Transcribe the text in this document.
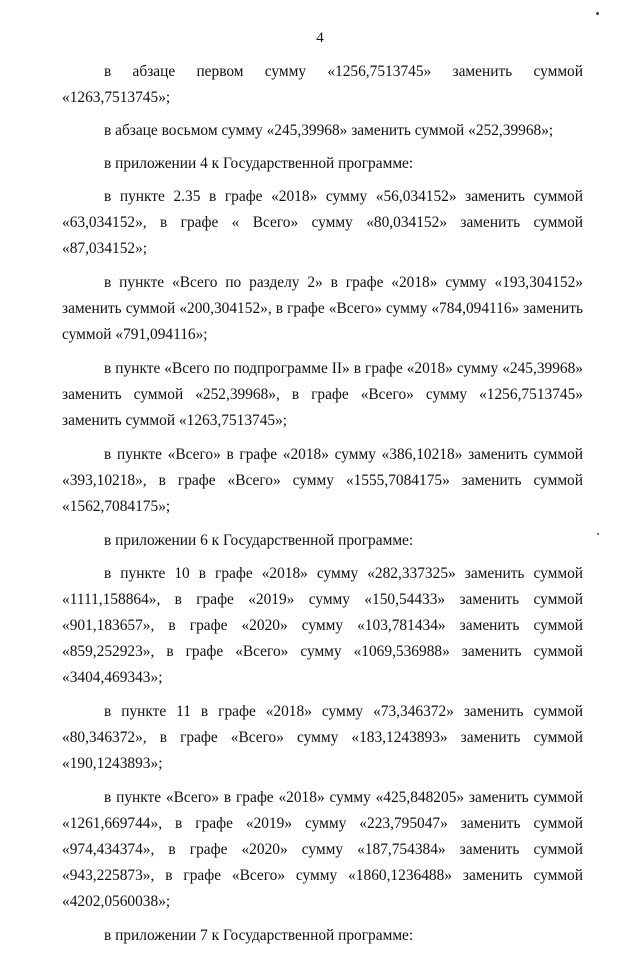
4

в абзаце первом сумму «1256,7513745» заменить суммой «1263,7513745»;

в абзаце восьмом сумму «245,39968» заменить суммой «252,39968»;

в приложении 4 к Государственной программе:

в пункте 2.35 в графе «2018» сумму «56,034152» заменить суммой «63,034152», в графе « Всего» сумму «80,034152» заменить суммой «87,034152»;

в пункте «Всего по разделу 2» в графе «2018» сумму «193,304152» заменить суммой «200,304152», в графе «Всего» сумму «784,094116» заменить суммой «791,094116»;

в пункте «Всего по подпрограмме II» в графе «2018» сумму «245,39968» заменить суммой «252,39968», в графе «Всего» сумму «1256,7513745» заменить суммой «1263,7513745»;

в пункте «Всего» в графе «2018» сумму «386,10218» заменить суммой «393,10218», в графе «Всего» сумму «1555,7084175» заменить суммой «1562,7084175»;

в приложении 6 к Государственной программе:

в пункте 10 в графе «2018» сумму «282,337325» заменить суммой «1111,158864», в графе «2019» сумму «150,54433» заменить суммой «901,183657», в графе «2020» сумму «103,781434» заменить суммой «859,252923», в графе «Всего» сумму «1069,536988» заменить суммой «3404,469343»;

в пункте 11 в графе «2018» сумму «73,346372» заменить суммой «80,346372», в графе «Всего» сумму «183,1243893» заменить суммой «190,1243893»;

в пункте «Всего» в графе «2018» сумму «425,848205» заменить суммой «1261,669744», в графе «2019» сумму «223,795047» заменить суммой «974,434374», в графе «2020» сумму «187,754384» заменить суммой «943,225873», в графе «Всего» сумму «1860,1236488» заменить суммой «4202,0560038»;

в приложении 7 к Государственной программе:
